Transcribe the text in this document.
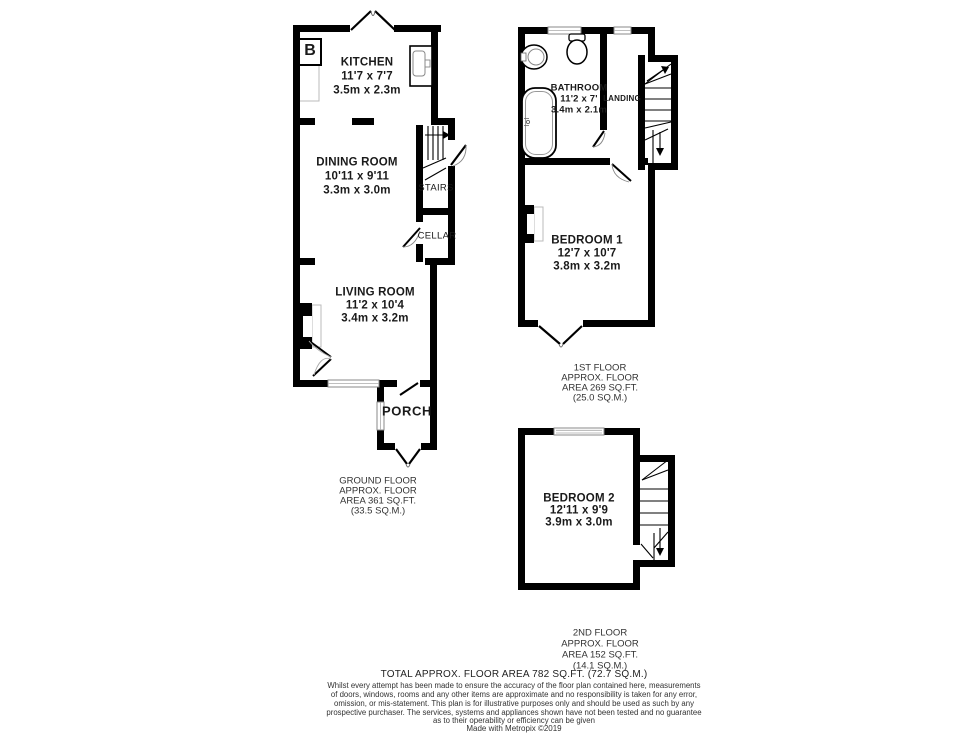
B
KITCHEN
11'7 x 7'7
3.5m x 2.3m
DINING ROOM
10'11 x 9'11
3.3m x 3.0m	STAIRS
CELLAR
LIVING ROOM
11'2 x 10'4
3.4m x 3.2m
PORCH
GROUND FLOOR
APPROX. FLOOR
AREA 361 SQ.FT.
(33.5 SQ.M.)
BATHROOM
11'2 x 7'
3.4m x 2.1m
LANDING
BEDROOM 1
12'7 x 10'7
3.8m x 3.2m
1ST FLOOR
APPROX. FLOOR
AREA 269 SQ.FT.
(25.0 SQ.M.)
BEDROOM 2
12'11 x 9'9
3.9m x 3.0m
2ND FLOOR
APPROX. FLOOR
AREA 152 SQ.FT.
(14.1 SQ.M.)
TOTAL APPROX. FLOOR AREA 782 SQ.FT. (72.7 SQ.M.)
Whilst every attempt has been made to ensure the accuracy of the floor plan contained here, measurements
of doors, windows, rooms and any other items are approximate and no responsibility is taken for any error,
omission, or mis-statement. This plan is for illustrative purposes only and should be used as such by any
prospective purchaser. The services, systems and appliances shown have not been tested and no guarantee
as to their operability or efficiency can be given
Made with Metropix ©2019
